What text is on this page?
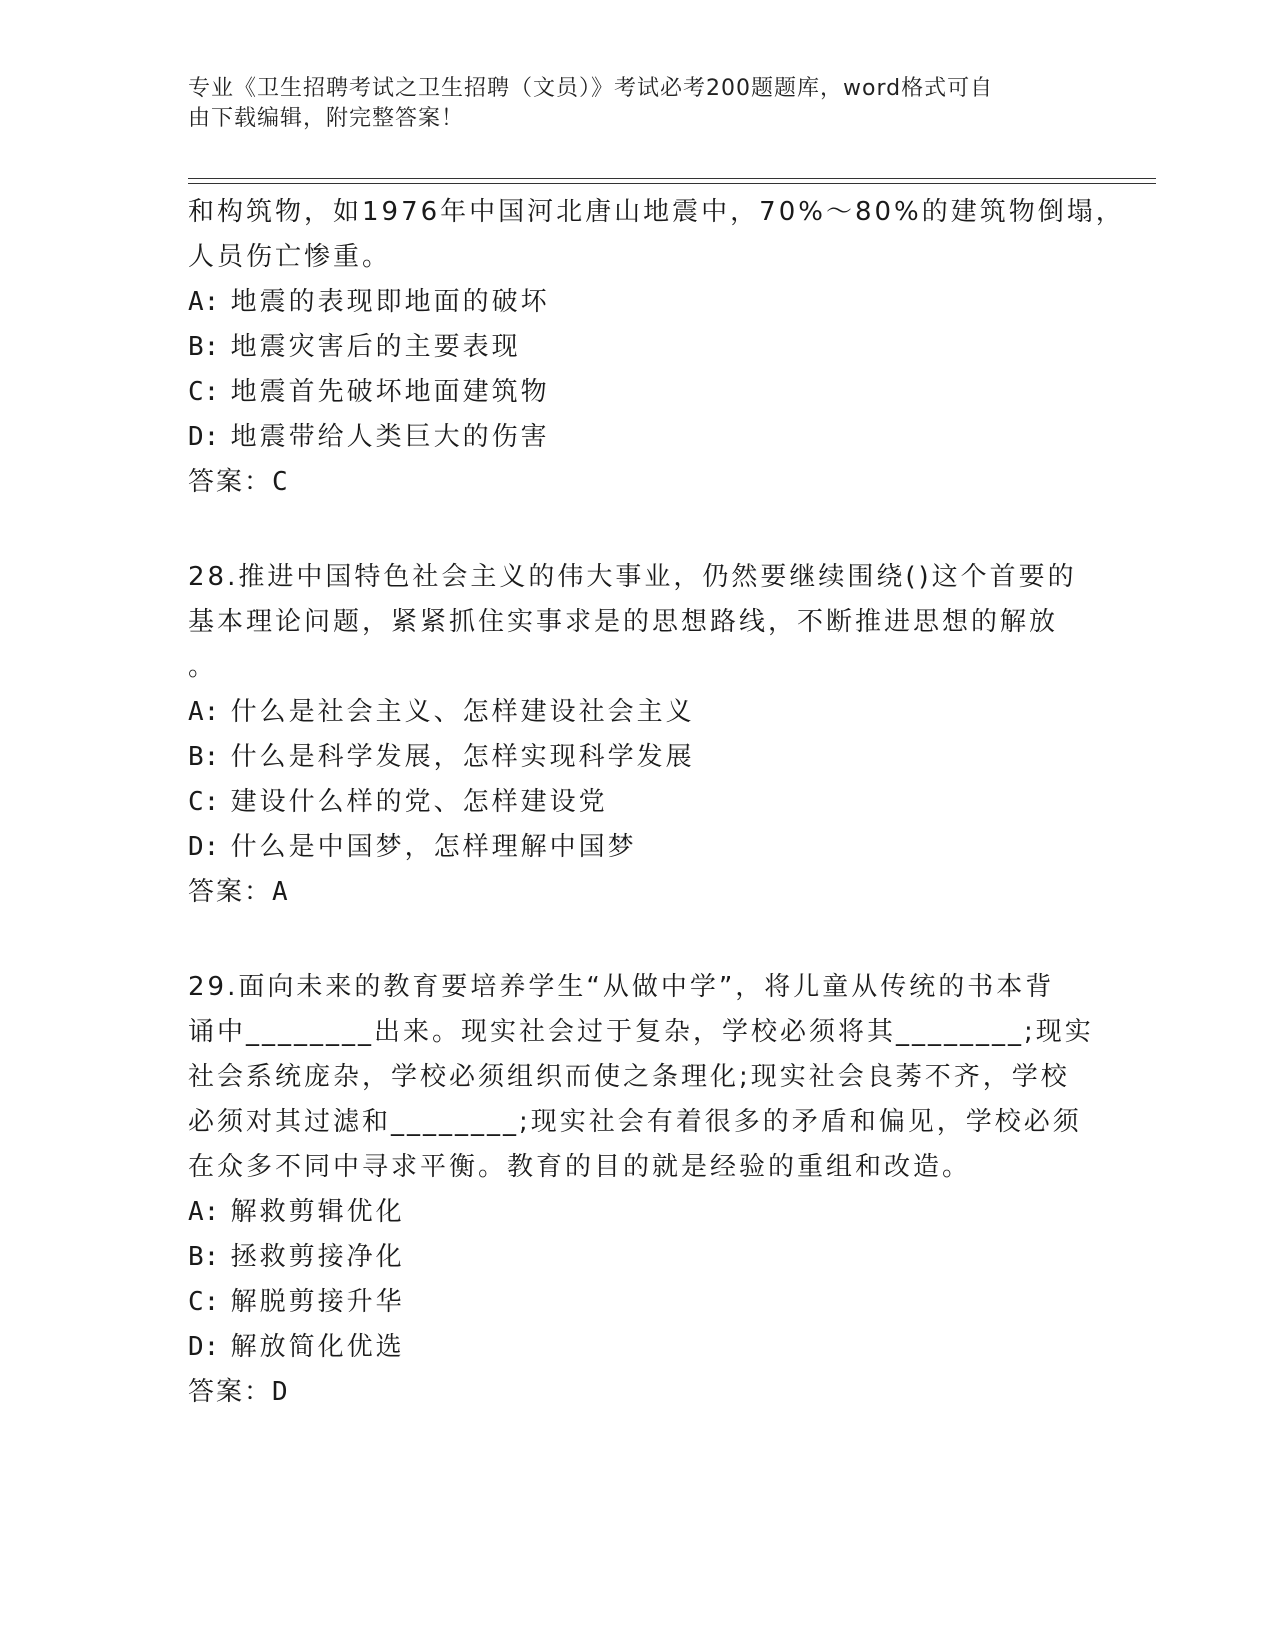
专业《卫生招聘考试之卫生招聘（文员）》考试必考200题题库，word格式可自
由下载编辑，附完整答案！
和构筑物，如1976年中国河北唐山地震中，70%～80%的建筑物倒塌，
人员伤亡惨重。
A: 地震的表现即地面的破坏
B: 地震灾害后的主要表现
C: 地震首先破坏地面建筑物
D: 地震带给人类巨大的伤害
答案：C
28.推进中国特色社会主义的伟大事业，仍然要继续围绕()这个首要的
基本理论问题，紧紧抓住实事求是的思想路线，不断推进思想的解放
。
A: 什么是社会主义、怎样建设社会主义
B: 什么是科学发展，怎样实现科学发展
C: 建设什么样的党、怎样建设党
D: 什么是中国梦，怎样理解中国梦
答案：A
29.面向未来的教育要培养学生“从做中学”，将儿童从传统的书本背
诵中________出来。现实社会过于复杂，学校必须将其________;现实
社会系统庞杂，学校必须组织而使之条理化;现实社会良莠不齐，学校
必须对其过滤和________;现实社会有着很多的矛盾和偏见，学校必须
在众多不同中寻求平衡。教育的目的就是经验的重组和改造。
A: 解救剪辑优化
B: 拯救剪接净化
C: 解脱剪接升华
D: 解放简化优选
答案：D
